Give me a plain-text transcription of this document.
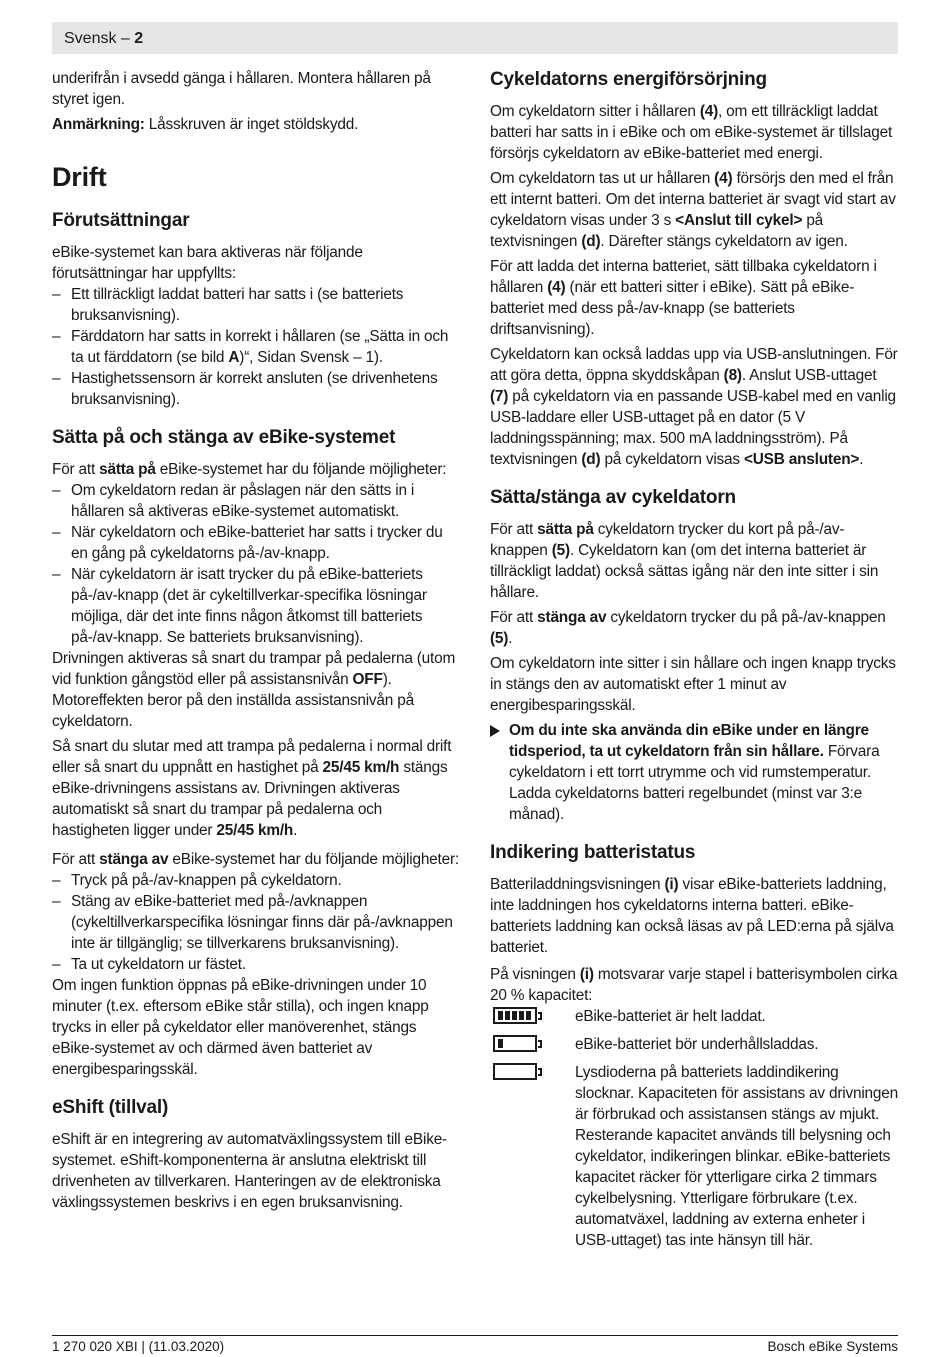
Svensk – 2

underifrån i avsedd gänga i hållaren. Montera hållaren på styret igen.

Anmärkning: Låsskruven är inget stöldskydd.

Drift
Förutsättningar

eBike-systemet kan bara aktiveras när följande förutsättningar har uppfyllts:

– Ett tillräckligt laddat batteri har satts i (se batteriets bruksanvisning).
– Färddatorn har satts in korrekt i hållaren (se „Sätta in och ta ut färddatorn (se bild A)“, Sidan Svensk – 1).
– Hastighetssensorn är korrekt ansluten (se drivenhetens bruksanvisning).
Sätta på och stänga av eBike-systemet

För att sätta på eBike-systemet har du följande möjligheter:

– Om cykeldatorn redan är påslagen när den sätts in i hållaren så aktiveras eBike-systemet automatiskt.
– När cykeldatorn och eBike-batteriet har satts i trycker du en gång på cykeldatorns på-/av-knapp.
– När cykeldatorn är isatt trycker du på eBike-batteriets på-/av-knapp (det är cykeltillverkar-specifika lösningar möjliga, där det inte finns någon åtkomst till batteriets på-/av-knapp. Se batteriets bruksanvisning).

Drivningen aktiveras så snart du trampar på pedalerna (utom vid funktion gångstöd eller på assistansnivån OFF). Motoreffekten beror på den inställda assistansnivån på cykeldatorn.

Så snart du slutar med att trampa på pedalerna i normal drift eller så snart du uppnått en hastighet på 25/45 km/h stängs eBike-drivningens assistans av. Drivningen aktiveras automatiskt så snart du trampar på pedalerna och hastigheten ligger under 25/45 km/h.

För att stänga av eBike-systemet har du följande möjligheter:

– Tryck på på-/av-knappen på cykeldatorn.
– Stäng av eBike-batteriet med på-/avknappen (cykeltillverkarspecifika lösningar finns där på-/avknappen inte är tillgänglig; se tillverkarens bruksanvisning).
– Ta ut cykeldatorn ur fästet.

Om ingen funktion öppnas på eBike-drivningen under 10 minuter (t.ex. eftersom eBike står stilla), och ingen knapp trycks in eller på cykeldator eller manöverenhet, stängs eBike-systemet av och därmed även batteriet av energibesparingsskäl.

eShift (tillval)

eShift är en integrering av automatväxlingssystem till eBike-systemet. eShift-komponenterna är anslutna elektriskt till drivenheten av tillverkaren. Hanteringen av de elektroniska växlingssystemen beskrivs i en egen bruksanvisning.

Cykeldatorns energiförsörjning

Om cykeldatorn sitter i hållaren (4), om ett tillräckligt laddat batteri har satts in i eBike och om eBike-systemet är tillslaget försörjs cykeldatorn av eBike-batteriet med energi.

Om cykeldatorn tas ut ur hållaren (4) försörjs den med el från ett internt batteri. Om det interna batteriet är svagt vid start av cykeldatorn visas under 3 s <Anslut till cykel> på textvisningen (d). Därefter stängs cykeldatorn av igen.

För att ladda det interna batteriet, sätt tillbaka cykeldatorn i hållaren (4) (när ett batteri sitter i eBike). Sätt på eBike-batteriet med dess på-/av-knapp (se batteriets driftsanvisning).

Cykeldatorn kan också laddas upp via USB-anslutningen. För att göra detta, öppna skyddskåpan (8). Anslut USB-uttaget (7) på cykeldatorn via en passande USB-kabel med en vanlig USB-laddare eller USB-uttaget på en dator (5 V laddningsspänning; max. 500 mA laddningsström). På textvisningen (d) på cykeldatorn visas <USB ansluten>.

Sätta/stänga av cykeldatorn

För att sätta på cykeldatorn trycker du kort på på-/av-knappen (5). Cykeldatorn kan (om det interna batteriet är tillräckligt laddat) också sättas igång när den inte sitter i sin hållare.

För att stänga av cykeldatorn trycker du på på-/av-knappen (5).

Om cykeldatorn inte sitter i sin hållare och ingen knapp trycks in stängs den av automatiskt efter 1 minut av energibesparingsskäl.

Om du inte ska använda din eBike under en längre tidsperiod, ta ut cykeldatorn från sin hållare. Förvara cykeldatorn i ett torrt utrymme och vid rumstemperatur. Ladda cykeldatorns batteri regelbundet (minst var 3:e månad).
Indikering batteristatus

Batteriladdningsvisningen (i) visar eBike-batteriets laddning, inte laddningen hos cykeldatorns interna batteri. eBike-batteriets laddning kan också läsas av på LED:erna på själva batteriet.

På visningen (i) motsvarar varje stapel i batterisymbolen cirka 20 % kapacitet:

eBike-batteriet är helt laddat.
eBike-batteriet bör underhållsladdas.
Lysdioderna på batteriets laddindikering slocknar. Kapaciteten för assistans av drivningen är förbrukad och assistansen stängs av mjukt. Resterande kapacitet används till belysning och cykeldator, indikeringen blinkar. eBike-batteriets kapacitet räcker för ytterligare cirka 2 timmars cykelbelysning. Ytterligare förbrukare (t.ex. automatväxel, laddning av externa enheter i USB-uttaget) tas inte hänsyn till här.
1 270 020 XBI | (11.03.2020)	Bosch eBike Systems
